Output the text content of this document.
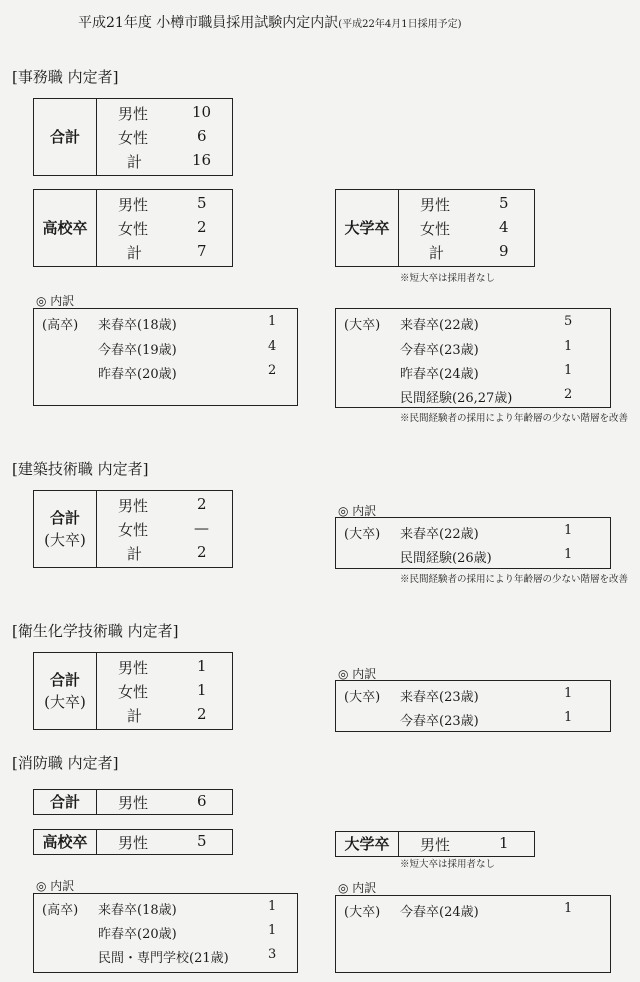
平成21年度 小樽市職員採用試験内定内訳(平成22年4月1日採用予定)
[事務職 内定者]
合計
男性	10
女性	6
計	16
高校卒
男性	5
女性	2
計	7
大学卒
男性	5
女性	4
計	9
※短大卒は採用者なし
◎ 内訳
(高卒) 来春卒(18歳)	1
今春卒(19歳)	4
昨春卒(20歳)	2
(大卒) 来春卒(22歳)	5
今春卒(23歳)	1
昨春卒(24歳)	1
民間経験(26,27歳)	2
※民間経験者の採用により年齢層の少ない階層を改善
[建築技術職 内定者]
合計
(大卒)
男性	2
女性	—
計	2
◎ 内訳
(大卒) 来春卒(22歳)	1
民間経験(26歳)	1
※民間経験者の採用により年齢層の少ない階層を改善
[衛生化学技術職 内定者]
合計
(大卒)
男性	1
女性	1
計	2
◎ 内訳
(大卒) 来春卒(23歳)	1
今春卒(23歳)	1
[消防職 内定者]
合計	男性	6
高校卒	男性	5	大学卒	男性	1
※短大卒は採用者なし
◎ 内訳
(高卒) 来春卒(18歳)	1
昨春卒(20歳)	1
民間・専門学校(21歳)	3
◎ 内訳
(大卒) 今春卒(24歳)	1
